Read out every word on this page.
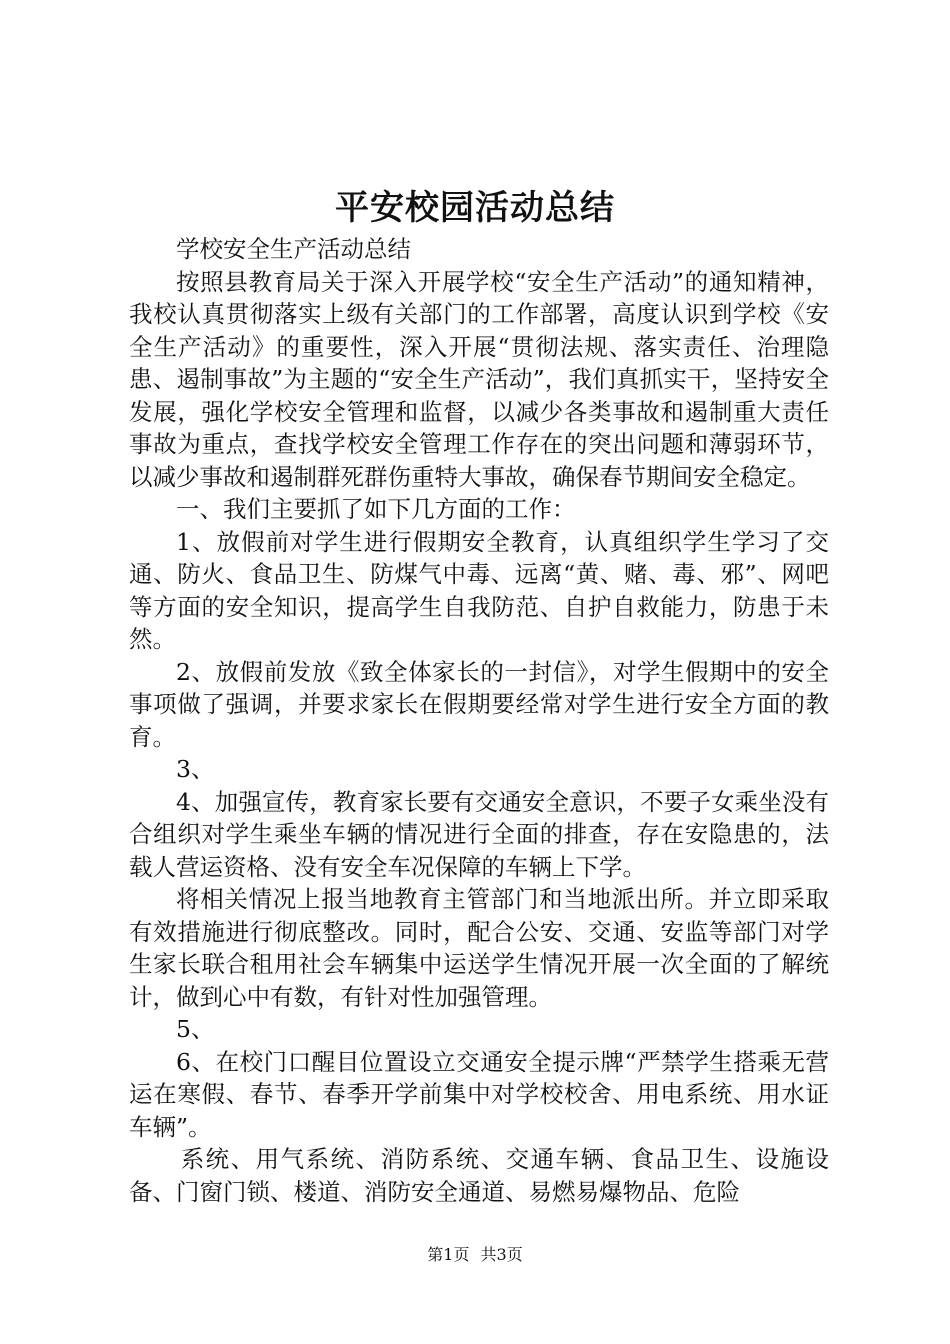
平安校园活动总结

学校安全生产活动总结

按照县教育局关于深入开展学校“安全生产活动”的通知精神，我校认真贯彻落实上级有关部门的工作部署，高度认识到学校《安全生产活动》的重要性，深入开展“贯彻法规、落实责任、治理隐患、遏制事故”为主题的“安全生产活动”，我们真抓实干，坚持安全发展，强化学校安全管理和监督，以减少各类事故和遏制重大责任事故为重点，查找学校安全管理工作存在的突出问题和薄弱环节，以减少事故和遏制群死群伤重特大事故，确保春节期间安全稳定。

一、我们主要抓了如下几方面的工作：

1、放假前对学生进行假期安全教育，认真组织学生学习了交通、防火、食品卫生、防煤气中毒、远离“黄、赌、毒、邪”、网吧等方面的安全知识，提高学生自我防范、自护自救能力，防患于未然。

2、放假前发放《致全体家长的一封信》，对学生假期中的安全事项做了强调，并要求家长在假期要经常对学生进行安全方面的教育。

3、

4、加强宣传，教育家长要有交通安全意识，不要子女乘坐没有合组织对学生乘坐车辆的情况进行全面的排查，存在安隐患的，法载人营运资格、没有安全车况保障的车辆上下学。

将相关情况上报当地教育主管部门和当地派出所。并立即采取有效措施进行彻底整改。同时，配合公安、交通、安监等部门对学生家长联合租用社会车辆集中运送学生情况开展一次全面的了解统计，做到心中有数，有针对性加强管理。

5、

6、在校门口醒目位置设立交通安全提示牌“严禁学生搭乘无营运在寒假、春节、春季开学前集中对学校校舍、用电系统、用水证车辆”。

系统、用气系统、消防系统、交通车辆、食品卫生、设施设备、门窗门锁、楼道、消防安全通道、易燃易爆物品、危险

第1页 共3页
